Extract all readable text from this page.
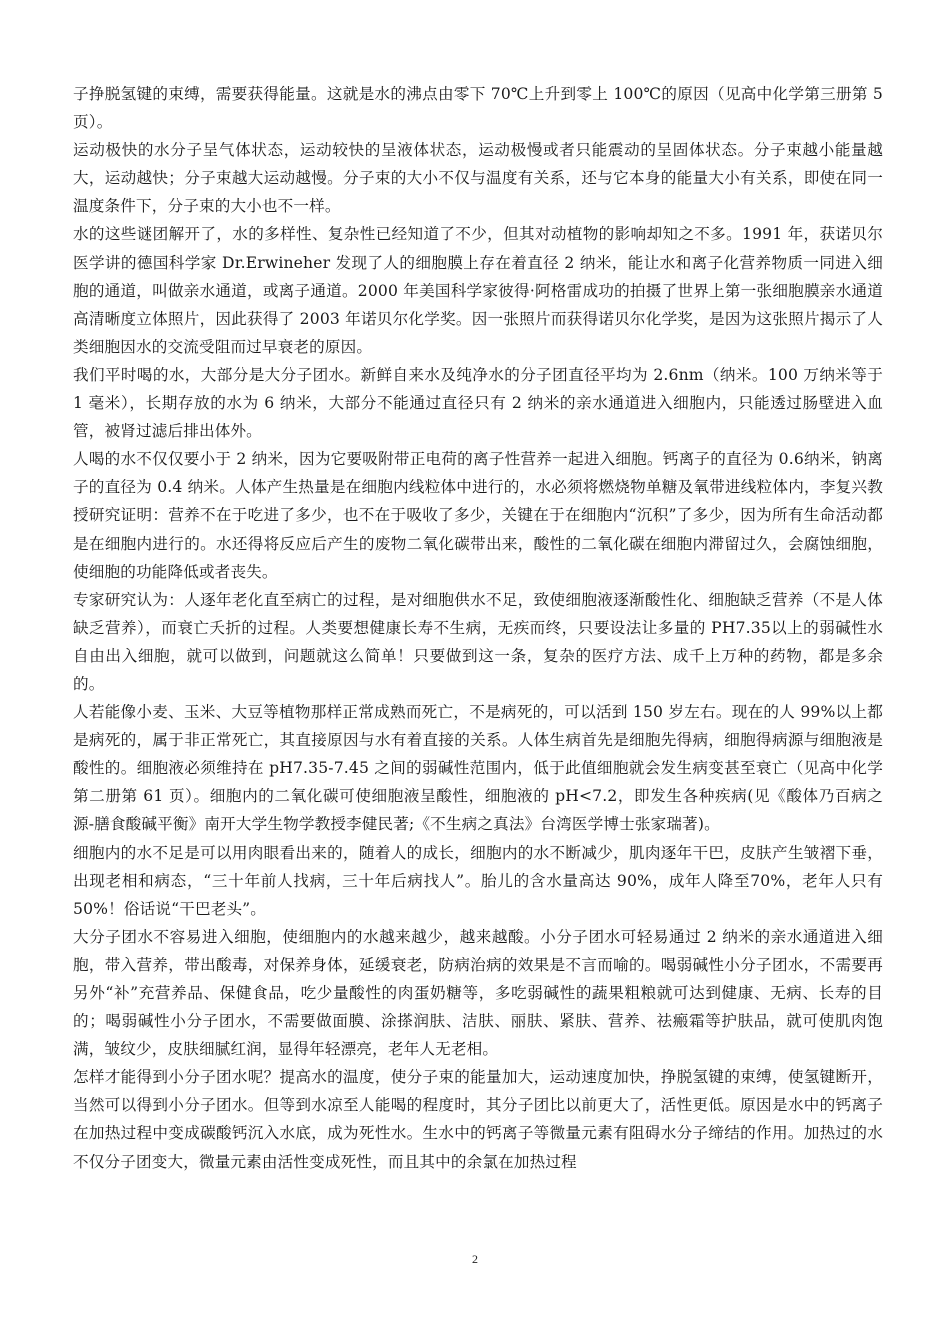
子挣脱氢键的束缚，需要获得能量。这就是水的沸点由零下 70℃上升到零上 100℃的原因（见高中化学第三册第 5 页）。

运动极快的水分子呈气体状态，运动较快的呈液体状态，运动极慢或者只能震动的呈固体状态。分子束越小能量越大，运动越快；分子束越大运动越慢。分子束的大小不仅与温度有关系，还与它本身的能量大小有关系，即使在同一温度条件下，分子束的大小也不一样。

水的这些谜团解开了，水的多样性、复杂性已经知道了不少，但其对动植物的影响却知之不多。1991 年，获诺贝尔医学讲的德国科学家 Dr.Erwineher 发现了人的细胞膜上存在着直径 2 纳米，能让水和离子化营养物质一同进入细胞的通道，叫做亲水通道，或离子通道。2000 年美国科学家彼得·阿格雷成功的拍摄了世界上第一张细胞膜亲水通道高清晰度立体照片，因此获得了 2003 年诺贝尔化学奖。因一张照片而获得诺贝尔化学奖，是因为这张照片揭示了人类细胞因水的交流受阻而过早衰老的原因。

我们平时喝的水，大部分是大分子团水。新鲜自来水及纯净水的分子团直径平均为 2.6nm（纳米。100 万纳米等于 1 毫米），长期存放的水为 6 纳米，大部分不能通过直径只有 2 纳米的亲水通道进入细胞内，只能透过肠壁进入血管，被肾过滤后排出体外。

人喝的水不仅仅要小于 2 纳米，因为它要吸附带正电荷的离子性营养一起进入细胞。钙离子的直径为 0.6纳米，钠离子的直径为 0.4 纳米。人体产生热量是在细胞内线粒体中进行的，水必须将燃烧物单糖及氧带进线粒体内，李复兴教授研究证明：营养不在于吃进了多少，也不在于吸收了多少，关键在于在细胞内“沉积”了多少，因为所有生命活动都是在细胞内进行的。水还得将反应后产生的废物二氧化碳带出来，酸性的二氧化碳在细胞内滞留过久，会腐蚀细胞，使细胞的功能降低或者丧失。

专家研究认为：人逐年老化直至病亡的过程，是对细胞供水不足，致使细胞液逐渐酸性化、细胞缺乏营养（不是人体缺乏营养），而衰亡夭折的过程。人类要想健康长寿不生病，无疾而终，只要设法让多量的 PH7.35以上的弱碱性水自由出入细胞，就可以做到，问题就这么简单！只要做到这一条，复杂的医疗方法、成千上万种的药物，都是多余的。

人若能像小麦、玉米、大豆等植物那样正常成熟而死亡，不是病死的，可以活到 150 岁左右。现在的人 99%以上都是病死的，属于非正常死亡，其直接原因与水有着直接的关系。人体生病首先是细胞先得病，细胞得病源与细胞液是酸性的。细胞液必须维持在 pH7.35-7.45 之间的弱碱性范围内，低于此值细胞就会发生病变甚至衰亡（见高中化学第二册第 61 页）。细胞内的二氧化碳可使细胞液呈酸性，细胞液的 pH<7.2，即发生各种疾病(见《酸体乃百病之源-膳食酸碱平衡》南开大学生物学教授李健民著;《不生病之真法》台湾医学博士张家瑞著)。

细胞内的水不足是可以用肉眼看出来的，随着人的成长，细胞内的水不断减少，肌肉逐年干巴，皮肤产生皱褶下垂，出现老相和病态，“三十年前人找病，三十年后病找人”。胎儿的含水量高达 90%，成年人降至70%，老年人只有 50%！俗话说“干巴老头”。

大分子团水不容易进入细胞，使细胞内的水越来越少，越来越酸。小分子团水可轻易通过 2 纳米的亲水通道进入细胞，带入营养，带出酸毒，对保养身体，延缓衰老，防病治病的效果是不言而喻的。喝弱碱性小分子团水，不需要再另外“补”充营养品、保健食品，吃少量酸性的肉蛋奶糖等，多吃弱碱性的蔬果粗粮就可达到健康、无病、长寿的目的；喝弱碱性小分子团水，不需要做面膜、涂搽润肤、洁肤、丽肤、紧肤、营养、祛瘢霜等护肤品，就可使肌肉饱满，皱纹少，皮肤细腻红润，显得年轻漂亮，老年人无老相。

怎样才能得到小分子团水呢？提高水的温度，使分子束的能量加大，运动速度加快，挣脱氢键的束缚，使氢键断开，当然可以得到小分子团水。但等到水凉至人能喝的程度时，其分子团比以前更大了，活性更低。原因是水中的钙离子在加热过程中变成碳酸钙沉入水底，成为死性水。生水中的钙离子等微量元素有阻碍水分子缔结的作用。加热过的水不仅分子团变大，微量元素由活性变成死性，而且其中的余氯在加热过程

2
